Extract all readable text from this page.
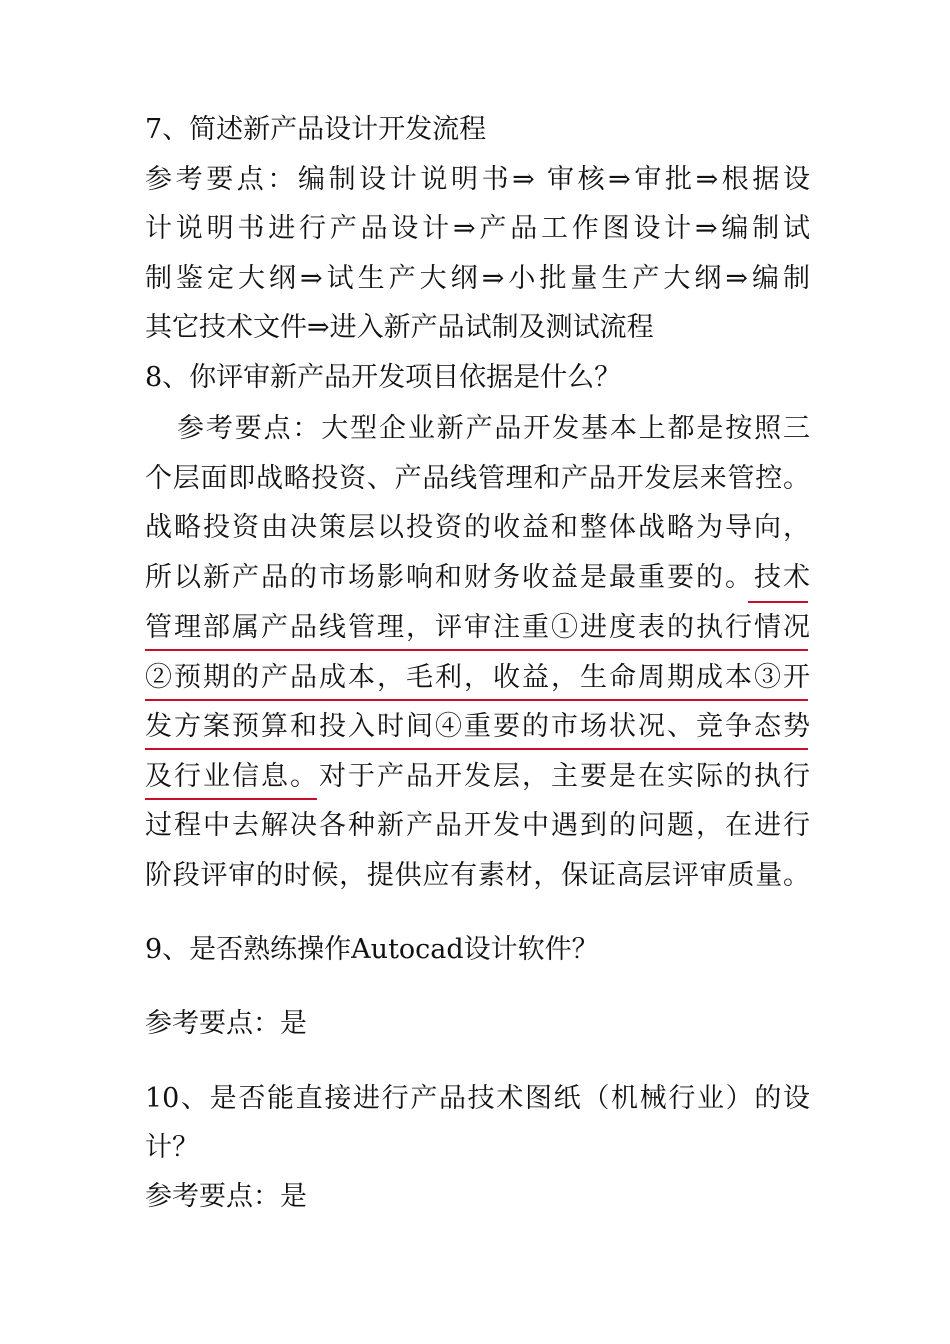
7、简述新产品设计开发流程
参考要点：编制设计说明书⇒ 审核⇒审批⇒根据设
计说明书进行产品设计⇒产品工作图设计⇒编制试
制鉴定大纲⇒试生产大纲⇒小批量生产大纲⇒编制
其它技术文件⇒进入新产品试制及测试流程
8、你评审新产品开发项目依据是什么？
参考要点：大型企业新产品开发基本上都是按照三
个层面即战略投资、产品线管理和产品开发层来管控。
战略投资由决策层以投资的收益和整体战略为导向，
所以新产品的市场影响和财务收益是最重要的。技术
管理部属产品线管理，评审注重①进度表的执行情况
②预期的产品成本，毛利，收益，生命周期成本③开
发方案预算和投入时间④重要的市场状况、竞争态势
及行业信息。对于产品开发层，主要是在实际的执行
过程中去解决各种新产品开发中遇到的问题，在进行
阶段评审的时候，提供应有素材，保证高层评审质量。
9、是否熟练操作Autocad设计软件？
参考要点：是
10、是否能直接进行产品技术图纸（机械行业）的设
计？
参考要点：是
